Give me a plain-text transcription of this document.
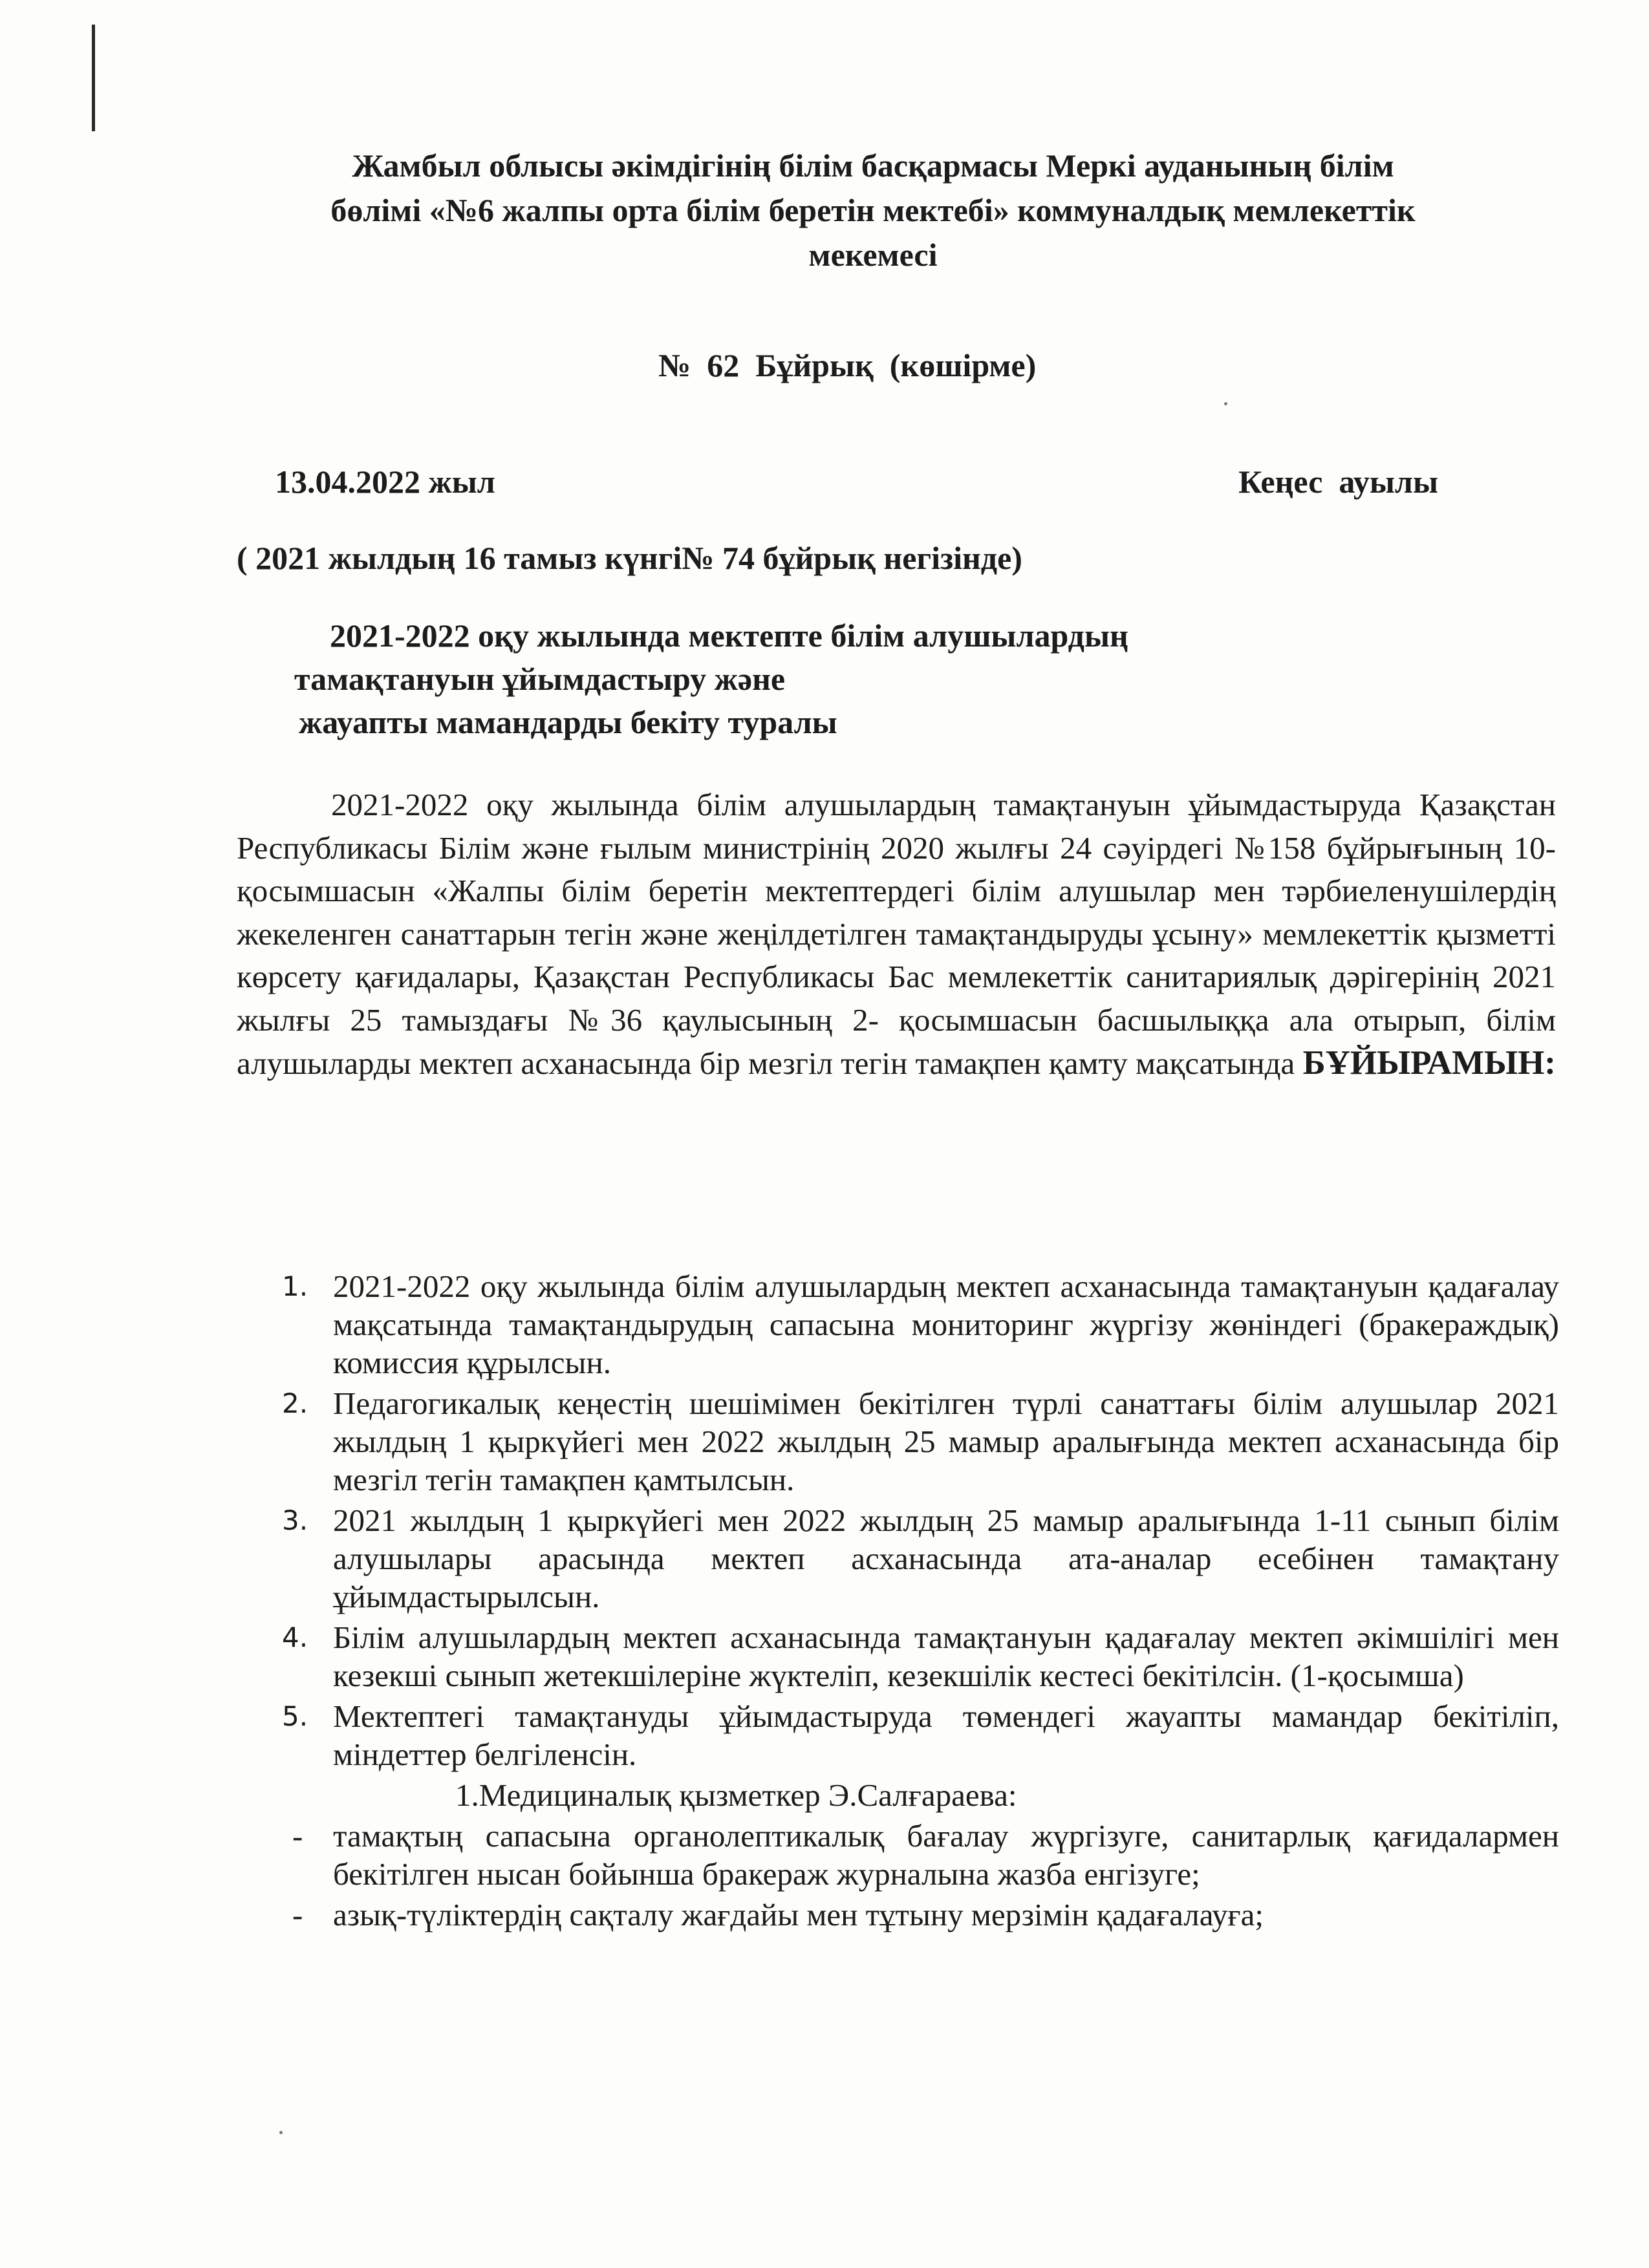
Жамбыл облысы әкімдігінің білім басқармасы Меркі ауданының білім
бөлімі «№6 жалпы орта білім беретін мектебі» коммуналдық мемлекеттік
мекемесі
№  62  Бұйрық  (көшірме)
13.04.2022 жыл	Кеңес  ауылы
( 2021 жылдың 16 тамыз күнгі№ 74 бұйрық негізінде)
2021-2022 оқу жылында мектепте білім алушылардың
тамақтануын ұйымдастыру және
жауапты мамандарды бекіту туралы
2021-2022 оқу жылында білім алушылардың тамақтануын ұйымдастыруда Қазақстан Республикасы Білім және ғылым министрінің 2020 жылғы 24 сәуірдегі №158 бұйрығының 10-қосымшасын «Жалпы білім беретін мектептердегі білім алушылар мен тәрбиеленушілердің жекеленген санаттарын тегін және жеңілдетілген тамақтандыруды ұсыну» мемлекеттік қызметті көрсету қағидалары, Қазақстан Республикасы Бас мемлекеттік санитариялық дәрігерінің 2021 жылғы 25 тамыздағы №36 қаулысының 2- қосымшасын басшылыққа ала отырып, білім алушыларды мектеп асханасында бір мезгіл тегін тамақпен қамту мақсатында БҰЙЫРАМЫН:
1. 2021-2022 оқу жылында білім алушылардың мектеп асханасында тамақтануын қадағалау мақсатында тамақтандырудың сапасына мониторинг жүргізу жөніндегі (бракераждық) комиссия құрылсын.
2. Педагогикалық кеңестің шешімімен бекітілген түрлі санаттағы білім алушылар 2021 жылдың 1 қыркүйегі мен 2022 жылдың 25 мамыр аралығында мектеп асханасында бір мезгіл тегін тамақпен қамтылсын.
3. 2021 жылдың 1 қыркүйегі мен 2022 жылдың 25 мамыр аралығында 1-11 сынып білім алушылары арасында мектеп асханасында ата-аналар есебінен тамақтану ұйымдастырылсын.
4. Білім алушылардың мектеп асханасында тамақтануын қадағалау мектеп әкімшілігі мен кезекші сынып жетекшілеріне жүктеліп, кезекшілік кестесі бекітілсін. (1-қосымша)
5. Мектептегі тамақтануды ұйымдастыруда төмендегі жауапты мамандар бекітіліп, міндеттер белгіленсін.
1.Медициналық қызметкер Э.Салғараева:
- тамақтың сапасына органолептикалық бағалау жүргізуге, санитарлық қағидалармен бекітілген нысан бойынша бракераж журналына жазба енгізуге;
- азық-түліктердің сақталу жағдайы мен тұтыну мерзімін қадағалауға;
